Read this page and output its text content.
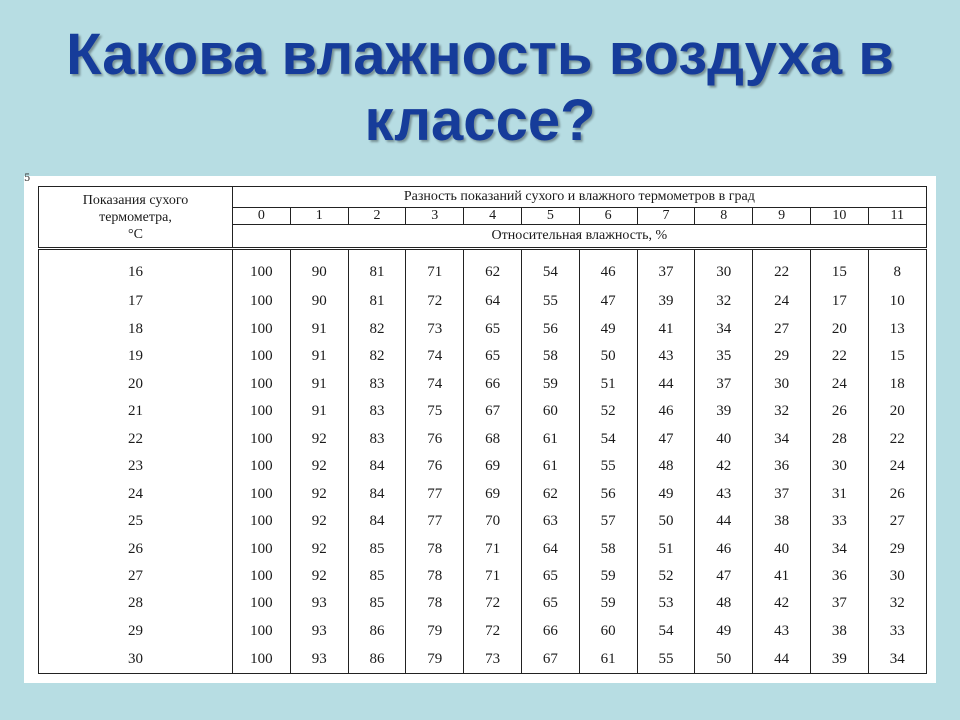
Какова влажность воздуха в
классе?
5
Показания сухого
термометра,
°С	Разность показаний сухого и влажного термометров в град											
	0	1	2	3	4	5	6	7	8	9	10	11
	Относительная влажность, %											
16	100	90	81	71	62	54	46	37	30	22	15	8
17	100	90	81	72	64	55	47	39	32	24	17	10
18	100	91	82	73	65	56	49	41	34	27	20	13
19	100	91	82	74	65	58	50	43	35	29	22	15
20	100	91	83	74	66	59	51	44	37	30	24	18
21	100	91	83	75	67	60	52	46	39	32	26	20
22	100	92	83	76	68	61	54	47	40	34	28	22
23	100	92	84	76	69	61	55	48	42	36	30	24
24	100	92	84	77	69	62	56	49	43	37	31	26
25	100	92	84	77	70	63	57	50	44	38	33	27
26	100	92	85	78	71	64	58	51	46	40	34	29
27	100	92	85	78	71	65	59	52	47	41	36	30
28	100	93	85	78	72	65	59	53	48	42	37	32
29	100	93	86	79	72	66	60	54	49	43	38	33
30	100	93	86	79	73	67	61	55	50	44	39	34
